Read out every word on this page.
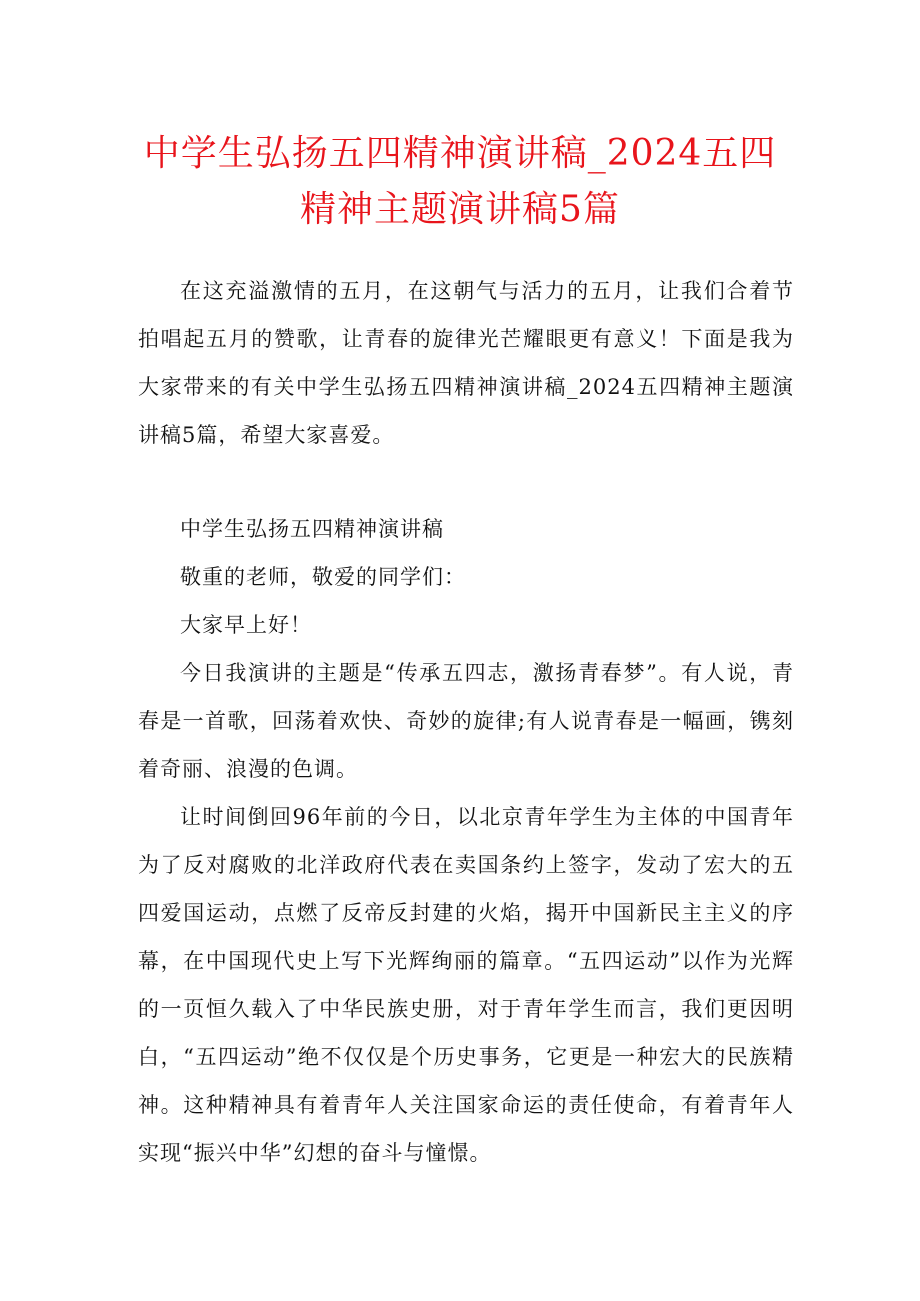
中学生弘扬五四精神演讲稿_2024五四精神主题演讲稿5篇

在这充溢激情的五月，在这朝气与活力的五月，让我们合着节拍唱起五月的赞歌，让青春的旋律光芒耀眼更有意义！下面是我为大家带来的有关中学生弘扬五四精神演讲稿_2024五四精神主题演讲稿5篇，希望大家喜爱。

中学生弘扬五四精神演讲稿

敬重的老师，敬爱的同学们：

大家早上好！

今日我演讲的主题是“传承五四志，激扬青春梦”。有人说，青春是一首歌，回荡着欢快、奇妙的旋律;有人说青春是一幅画，镌刻着奇丽、浪漫的色调。

让时间倒回96年前的今日，以北京青年学生为主体的中国青年为了反对腐败的北洋政府代表在卖国条约上签字，发动了宏大的五四爱国运动，点燃了反帝反封建的火焰，揭开中国新民主主义的序幕，在中国现代史上写下光辉绚丽的篇章。“五四运动”以作为光辉的一页恒久载入了中华民族史册，对于青年学生而言，我们更因明白，“五四运动”绝不仅仅是个历史事务，它更是一种宏大的民族精神。这种精神具有着青年人关注国家命运的责任使命，有着青年人实现“振兴中华”幻想的奋斗与憧憬。
